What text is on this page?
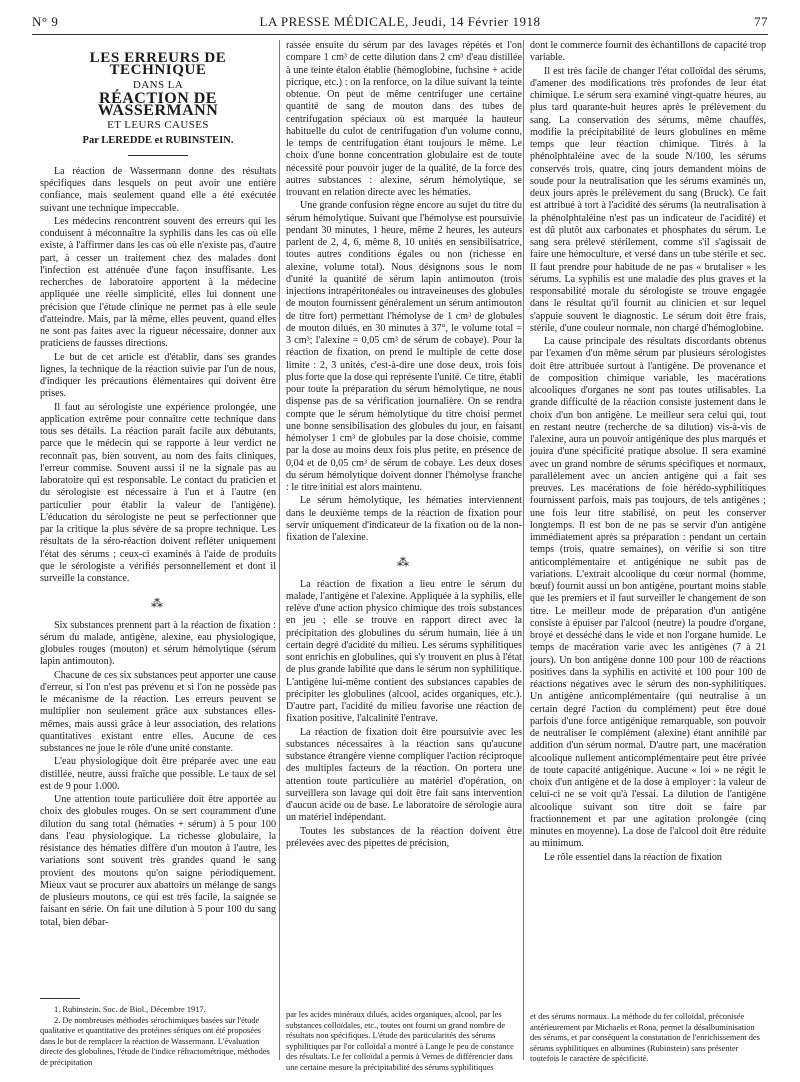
N° 9	LA PRESSE MÉDICALE, Jeudi, 14 Février 1918	77
LES ERREURS DE TECHNIQUE
DANS LA
RÉACTION DE WASSERMANN
ET LEURS CAUSES
Par LEREDDE et RUBINSTEIN.

La réaction de Wassermann donne des résultats spécifiques dans lesquels on peut avoir une entière confiance, mais seulement quand elle a été exécutée suivant une technique impeccable.

Les médecins rencontrent souvent des erreurs qui les conduisent à méconnaître la syphilis dans les cas où elle existe, à l'affirmer dans les cas où elle n'existe pas, d'autre part, à cesser un traitement chez des malades dont l'infection est atténuée d'une façon insuffisante. Les recherches de laboratoire apportent à la médecine appliquée une réelle simplicité, elles lui donnent une précision que l'étude clinique ne permet pas à elle seule d'atteindre. Mais, par là même, elles peuvent, quand elles ne sont pas faites avec la rigueur nécessaire, donner aux praticiens de fausses directions.

Le but de cet article est d'établir, dans ses grandes lignes, la technique de la réaction suivie par l'un de nous, d'indiquer les précautions élémentaires qui doivent être prises.

Il faut au sérologiste une expérience prolongée, une application extrême pour connaître cette technique dans tous ses détails. La réaction paraît facile aux débutants, parce que le médecin qui se rapporte à leur verdict ne reconnaît pas, bien souvent, au nom des faits cliniques, l'erreur commise. Souvent aussi il ne la signale pas au laboratoire qui est responsable. Le contact du praticien et du sérologiste est nécessaire à l'un et à l'autre (en particulier pour établir la valeur de l'antigène). L'éducation du sérologiste ne peut se perfectionner que par la critique la plus sévère de sa propre technique. Les résultats de la séro-réaction doivent refléter uniquement l'état des sérums ; ceux-ci examinés à l'aide de produits que le sérologiste a vérifiés personnellement et dont il surveille la constance.

⁂

Six substances prennent part à la réaction de fixation : sérum du malade, antigène, alexine, eau physiologique, globules rouges (mouton) et sérum hémolytique (sérum lapin antimouton).

Chacune de ces six substances peut apporter une cause d'erreur, si l'on n'est pas prévenu et si l'on ne possède pas le mécanisme de la réaction. Les erreurs peuvent se multiplier non seulement grâce aux substances elles-mêmes, mais aussi grâce à leur association, des relations quantitatives existant entre elles. Aucune de ces substances ne joue le rôle d'une unité constante.

L'eau physiologique doit être préparée avec une eau distillée, neutre, aussi fraîche que possible. Le taux de sel est de 9 pour 1.000.

Une attention toute particulière doit être apportée au choix des globules rouges. On se sert couramment d'une dilution du sang total (hématies + sérum) à 5 pour 100 dans l'eau physiologique. La richesse globulaire, la résistance des hématies diffère d'un mouton à l'autre, les variations sont souvent très grandes quand le sang provient des moutons qu'on saigne périodiquement. Mieux vaut se procurer aux abattoirs un mélange de sangs de plusieurs moutons, ce qui est très facile, la saignée se faisant en série. On fait une dilution à 5 pour 100 du sang total, bien débar-

1. Rubinstein. Soc. de Biol., Décembre 1917.

2. De nombreuses méthodes sérochimiques basées sur l'étude qualitative et quantitative des protéines sériques ont été proposées dans le but de remplacer la réaction de Wassermann. L'évaluation directe des globulines, l'étude de l'indice réfractométrique, méthodes de précipitation

rassée ensuite du sérum par des lavages répétés et l'on compare 1 cm³ de cette dilution dans 2 cm³ d'eau distillée à une teinte étalon établie (hémoglobine, fuchsine + acide picrique, etc.) : on la renforce, on la dilue suivant la teinte obtenue. On peut de même centrifuger une certaine quantité de sang de mouton dans des tubes de centrifugation spéciaux où est marquée la hauteur habituelle du culot de centrifugation d'un volume connu, le temps de centrifugation étant toujours le même. Le choix d'une bonne concentration globulaire est de toute nécessité pour pouvoir juger de la qualité, de la force des autres substances : alexine, sérum hémolytique, se trouvant en relation directe avec les hématies.

Une grande confusion règne encore au sujet du titre du sérum hémolytique. Suivant que l'hémolyse est poursuivie pendant 30 minutes, 1 heure, même 2 heures, les auteurs parlent de 2, 4, 6, même 8, 10 unités en sensibilisatrice, toutes autres conditions égales ou non (richesse en alexine, volume total). Nous désignons sous le nom d'unité la quantité de sérum lapin antimouton (trois injections intrapéritonéales ou intraveineuses des globules de mouton fournissent généralement un sérum antimouton de titre fort) permettant l'hémolyse de 1 cm³ de globules de mouton dilués, en 30 minutes à 37°, le volume total = 3 cm³; l'alexine = 0,05 cm³ de sérum de cobaye). Pour la réaction de fixation, on prend le multiple de cette dose limite : 2, 3 unités, c'est-à-dire une dose deux, trois fois plus forte que la dose qui représente l'unité. Ce titre, établi pour toute la préparation du sérum hémolytique, ne nous dispense pas de sa vérification journalière. On se rendra compte que le sérum hémolytique du titre choisi permet une bonne sensibilisation des globules du jour, en faisant hémolyser 1 cm³ de globules par la dose choisie, comme par la dose au moins deux fois plus petite, en présence de 0,04 et de 0,05 cm³ de sérum de cobaye. Les deux doses du sérum hémolytique doivent donner l'hémolyse franche : le titre initial est alors maintenu.

Le sérum hémolytique, les hématies interviennent dans le deuxième temps de la réaction de fixation pour servir uniquement d'indicateur de la fixation ou de la non-fixation de l'alexine.

⁂

La réaction de fixation a lieu entre le sérum du malade, l'antigène et l'alexine. Appliquée à la syphilis, elle relève d'une action physico chimique des trois substances en jeu ; elle se trouve en rapport direct avec la précipitation des globulines du sérum humain, liée à un certain degré d'acidité du milieu. Les sérums syphilitiques sont enrichis en globulines, qui s'y trouvent en plus à l'état de plus grande labilité que dans le sérum non syphilitique. L'antigène lui-même contient des substances capables de précipiter les globulines (alcool, acides organiques, etc.). D'autre part, l'acidité du milieu favorise une réaction de fixation positive, l'alcalinité l'entrave.

La réaction de fixation doit être poursuivie avec les substances nécessaires à la réaction sans qu'aucune substance étrangère vienne compliquer l'action réciproque des multiples facteurs de la réaction. On portera une attention toute particulière au matériel d'opération, on surveillera son lavage qui doit être fait sans intervention d'aucun acide ou de base. Le laboratoire de sérologie aura un matériel indépendant.

Toutes les substances de la réaction doivent être prélevées avec des pipettes de précision,

par les acides minéraux dilués, acides organiques, alcool, par les substances colloïdales, etc., toutes ont fourni un grand nombre de résultats non spécifiques. L'étude des particularités des sérums syphilitiques par l'or colloïdal a montré à Lange le peu de constance des résultats. Le fer colloïdal a permis à Vernes de différencier dans une certaine mesure la précipitabilité des sérums syphilitiques

dont le commerce fournit des échantillons de capacité trop variable.

Il est très facile de changer l'état colloïdal des sérums, d'amener des modifications très profondes de leur état chimique. Le sérum sera examiné vingt-quatre heures, au plus tard quarante-huit heures après le prélèvement du sang. La conservation des sérums, même chauffés, modifie la précipitabilité de leurs globulines en même temps que leur réaction chimique. Titrés à la phénolphtaléine avec de la soude N/100, les sérums conservés trois, quatre, cinq jours demandent moins de soude pour la neutralisation que les sérums examinés un, deux jours après le prélèvement du sang (Bruck). Ce fait est attribué à tort à l'acidité des sérums (la neutralisation à la phénolphtaléine n'est pas un indicateur de l'acidité) et est dû plutôt aux carbonates et phosphates du sérum. Le sang sera prélevé stérilement, comme s'il s'agissait de faire une hémoculture, et versé dans un tube stérile et sec. Il faut prendre pour habitude de ne pas « brutaliser » les sérums. La syphilis est une maladie des plus graves et la responsabilité morale du sérologiste se trouve engagée dans le résultat qu'il fournit au clinicien et sur lequel s'appuie souvent le diagnostic. Le sérum doit être frais, stérile, d'une couleur normale, non chargé d'hémoglobine.

La cause principale des résultats discordants obtenus par l'examen d'un même sérum par plusieurs sérologistes doit être attribuée surtout à l'antigène. De provenance et de composition chimique variable, les macérations alcooliques d'organes ne sont pas toutes utilisables. La grande difficulté de la réaction consiste justement dans le choix d'un bon antigène. Le meilleur sera celui qui, tout en restant neutre (recherche de sa dilution) vis-à-vis de l'alexine, aura un pouvoir antigénique des plus marqués et jouira d'une spécificité pratique absolue. Il sera examiné avec un grand nombre de sérums spécifiques et normaux, parallèlement avec un ancien antigène qui a fait ses preuves. Les macérations de foie hérédo-syphilitiques fournissent parfois, mais pas toujours, de tels antigènes ; une fois leur titre stabilisé, on peut les conserver longtemps. Il est bon de ne pas se servir d'un antigène immédiatement après sa préparation : pendant un certain temps (trois, quatre semaines), on vérifie si son titre anticomplémentaire et antigénique ne subit pas de variations. L'extrait alcoolique du cœur normal (homme, bœuf) fournit aussi un bon antigène, pourtant moins stable que les premiers et il faut surveiller le changement de son titre. Le meilleur mode de préparation d'un antigène consiste à épuiser par l'alcool (neutre) la poudre d'organe, broyé et desséché dans le vide et non l'organe humide. Le temps de macération varie avec les antigènes (7 à 21 jours). Un bon antigène donne 100 pour 100 de réactions positives dans la syphilis en activité et 100 pour 100 de réactions négatives avec le sérum des non-syphilitiques. Un antigène anticomplémentaire (qui neutralise à un certain degré l'action du complément) peut être doué parfois d'une force antigénique remarquable, son pouvoir de neutraliser le complément (alexine) étant annihilé par addition d'un sérum normal. D'autre part, une macération alcoolique nullement anticomplémentaire peut être privée de toute capacité antigénique. Aucune « loi » ne régit le choix d'un antigène et de la dose à employer : la valeur de celui-ci ne se voit qu'à l'essai. La dilution de l'antigène alcoolique suivant son titre doit se faire par fractionnement et par une agitation prolongée (cinq minutes en moyenne). La dose de l'alcool doit être réduite au minimum.

Le rôle essentiel dans la réaction de fixation

et des sérums normaux. La méthode du fer colloïdal, préconisée antérieurement par Michaelis et Rona, permet la désalbuminisation des sérums, et par conséquent la constatation de l'enrichissement des sérums syphilitiques en albumines (Rubinstein) sans présenter toutefois le caractère de spécificité.
